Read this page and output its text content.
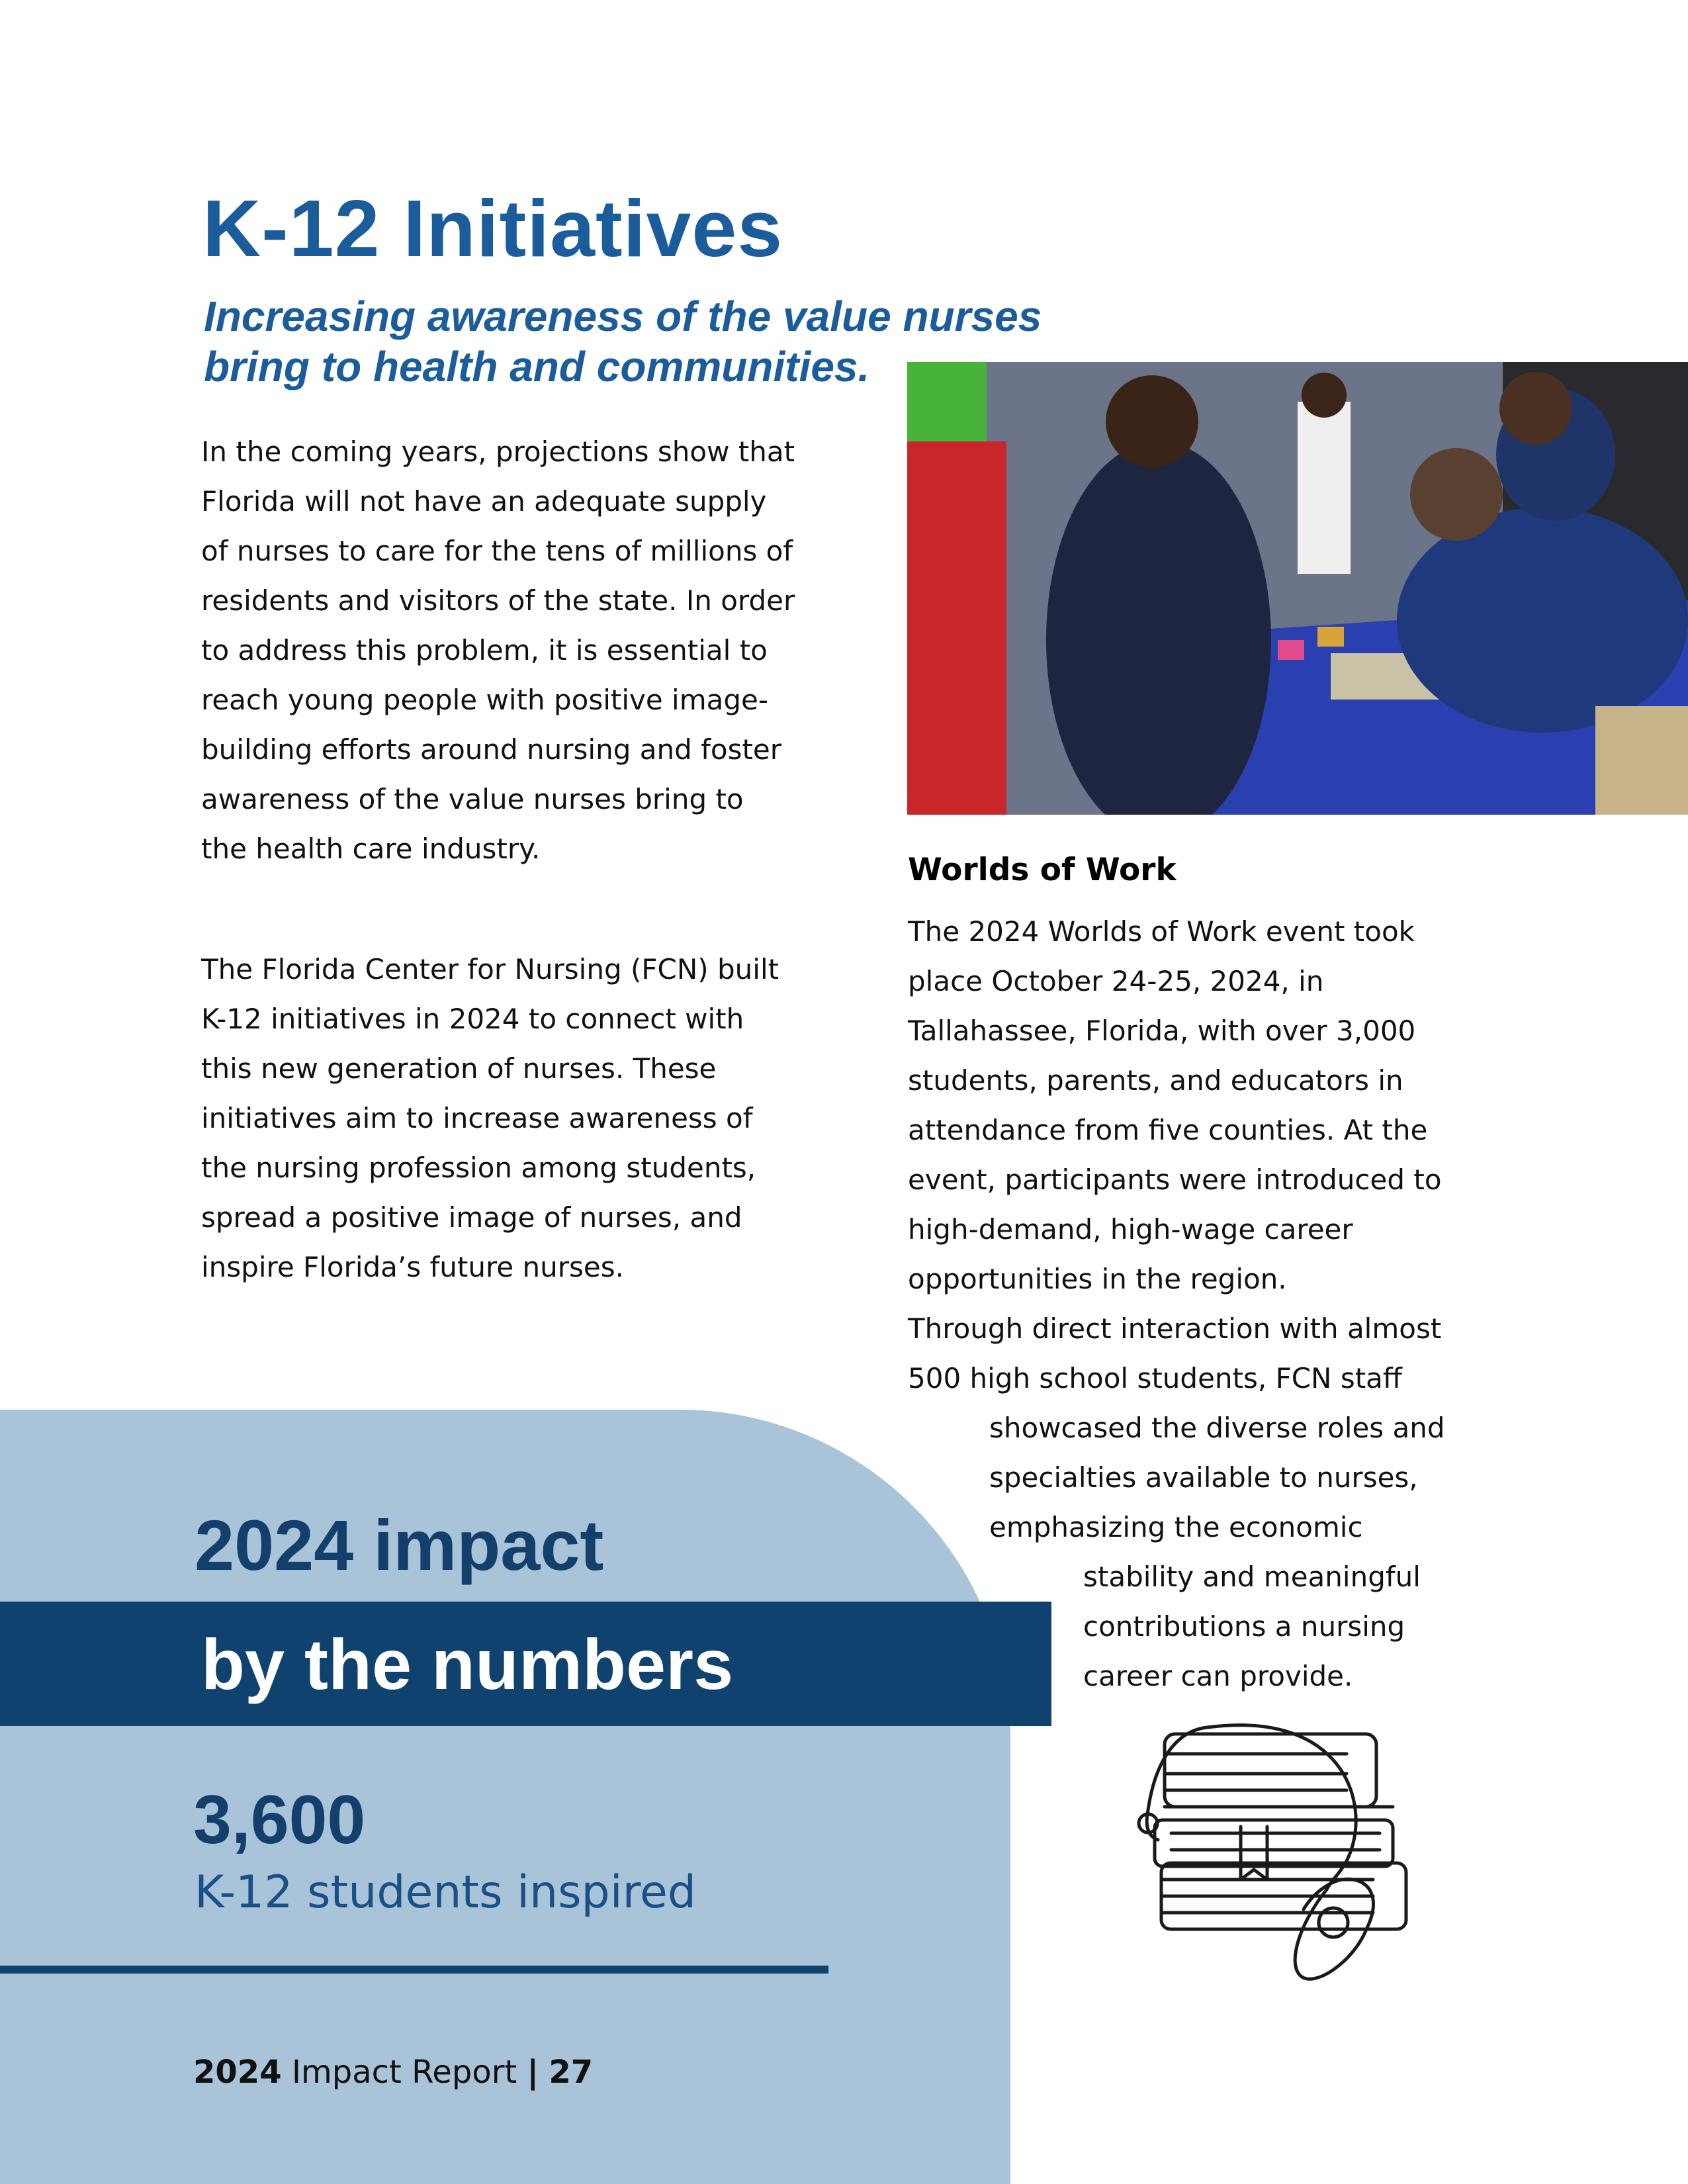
K-12 Initiatives
Increasing awareness of the value nurses bring to health and communities.

In the coming years, projections show that Florida will not have an adequate supply of nurses to care for the tens of millions of residents and visitors of the state. In order to address this problem, it is essential to reach young people with positive image-building efforts around nursing and foster awareness of the value nurses bring to the health care industry.

The Florida Center for Nursing (FCN) built K-12 initiatives in 2024 to connect with this new generation of nurses. These initiatives aim to increase awareness of the nursing profession among students, spread a positive image of nurses, and inspire Florida’s future nurses.

Worlds of Work
The 2024 Worlds of Work event took
place October 24-25, 2024, in
Tallahassee, Florida, with over 3,000
students, parents, and educators in
attendance from five counties. At the
event, participants were introduced to
high-demand, high-wage career
opportunities in the region.
Through direct interaction with almost
500 high school students, FCN staff
showcased the diverse roles and
specialties available to nurses,
emphasizing the economic
stability and meaningful
contributions a nursing
career can provide.
2024 impact
by the numbers
3,600
K-12 students inspired
2024 Impact Report | 27
